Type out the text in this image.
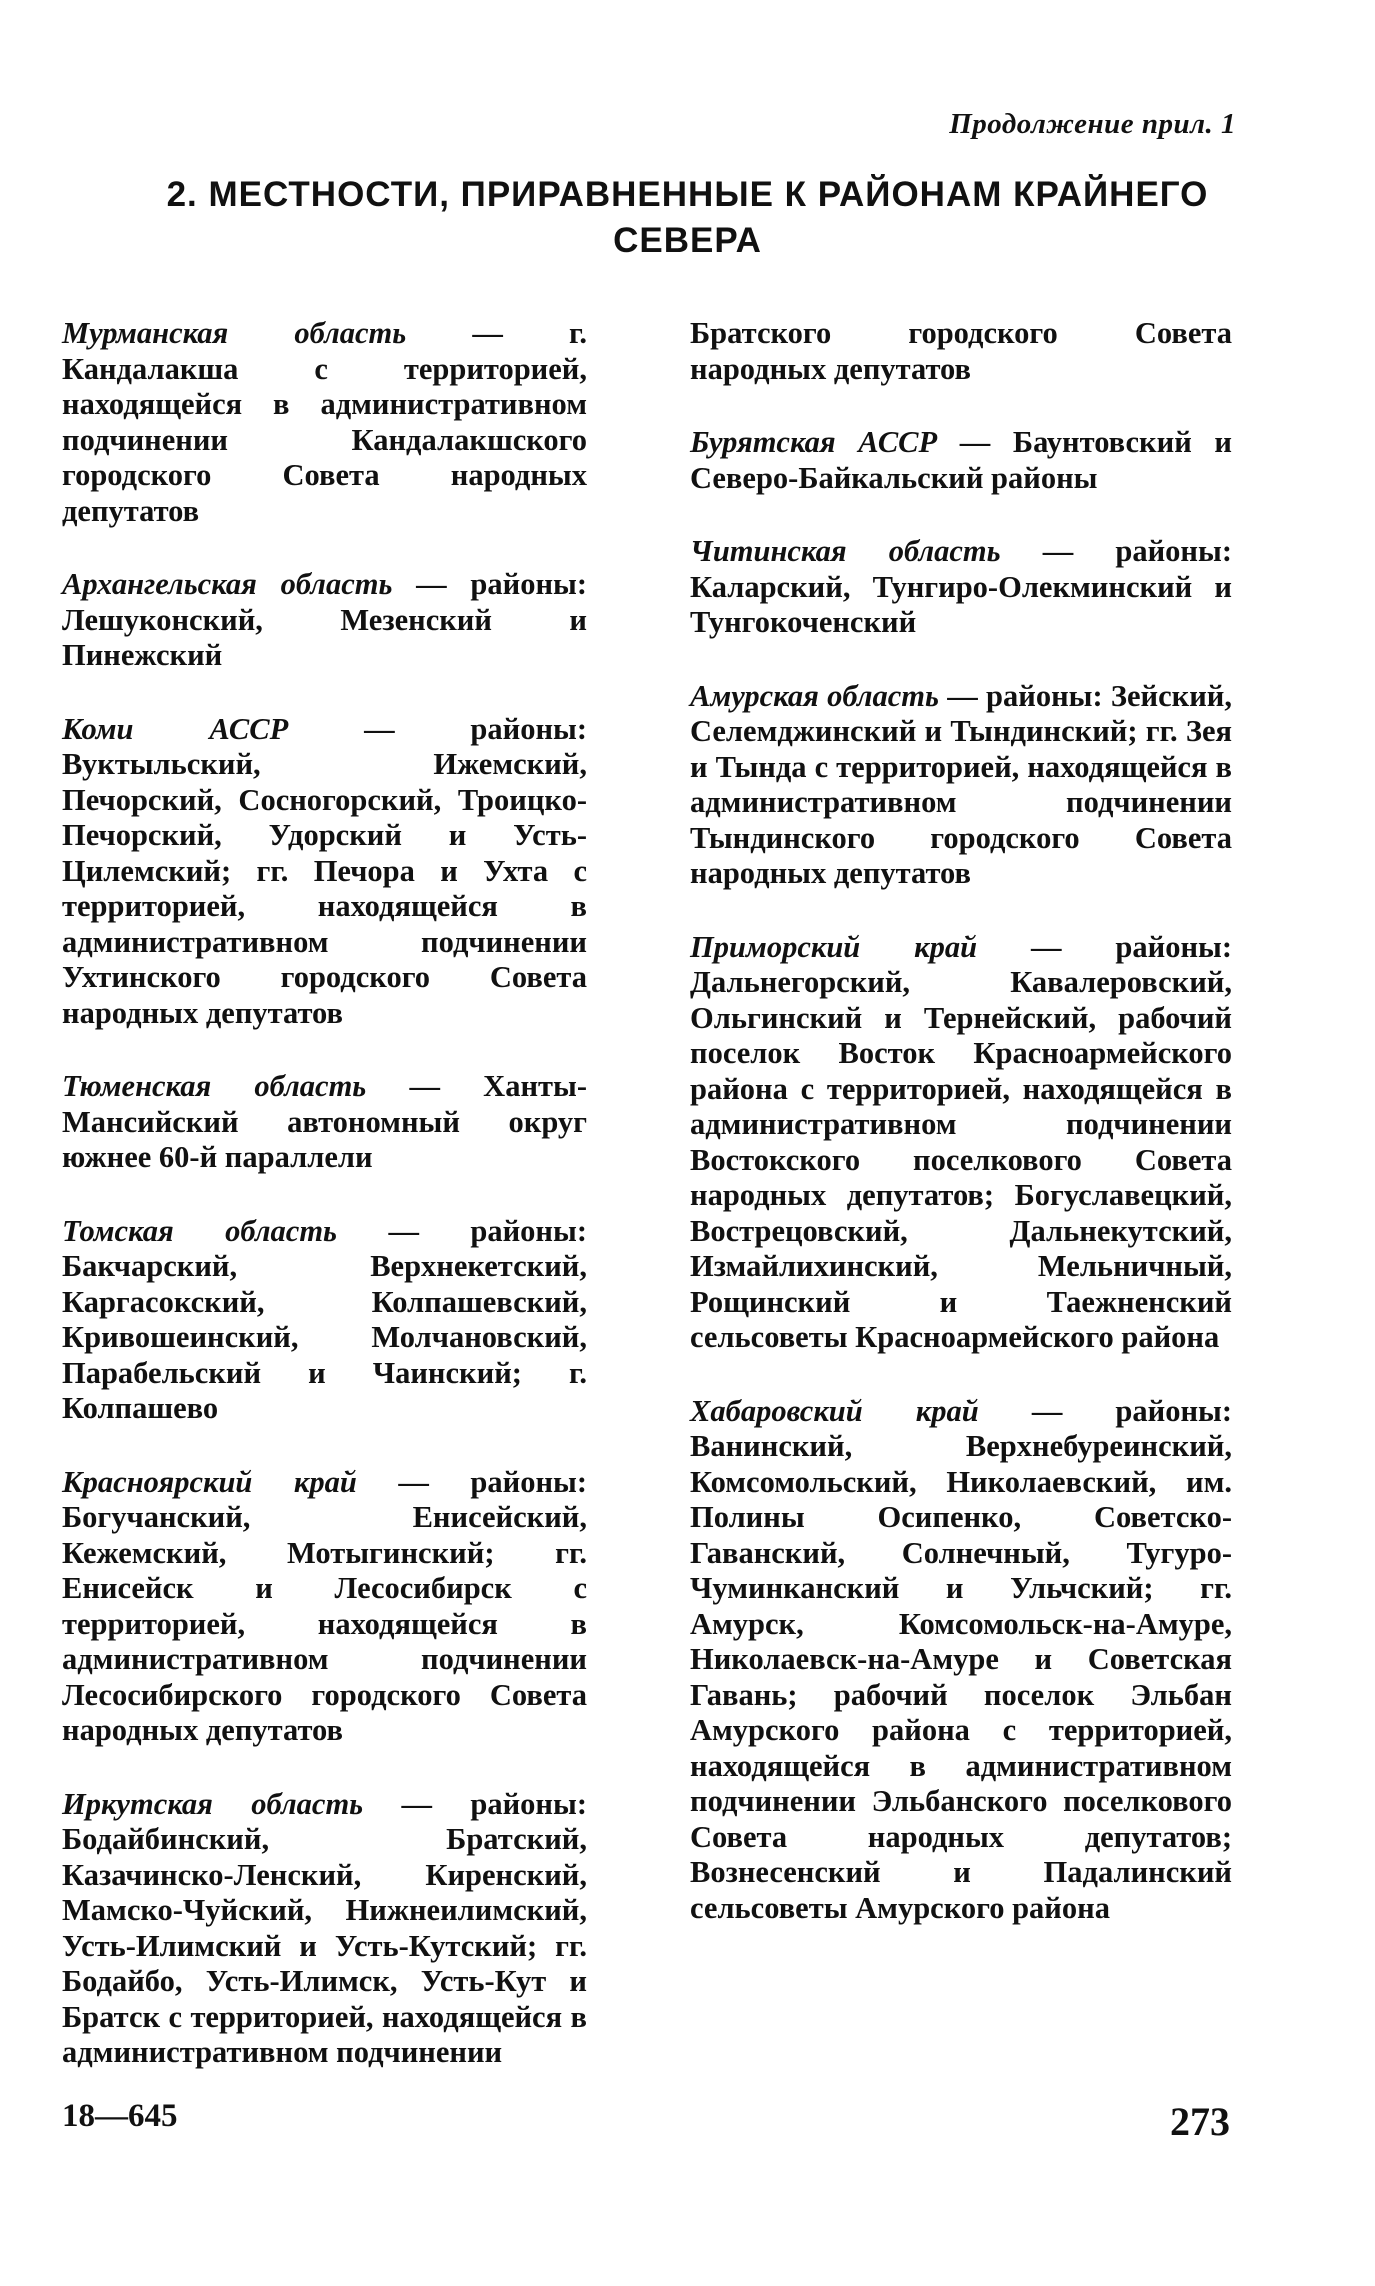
Продолжение прил. 1
2. МЕСТНОСТИ, ПРИРАВНЕННЫЕ К РАЙОНАМ КРАЙНЕГО СЕВЕРА

Мурманская область — г. Кандалакша с территорией, находящейся в административном подчинении Кандалакшского городского Совета народных депутатов

Архангельская область — районы: Лешуконский, Мезенский и Пинежский

Коми АССР — районы: Вуктыльский, Ижемский, Печорский, Сосногорский, Троицко-Печорский, Удорский и Усть-Цилемский; гг. Печора и Ухта с территорией, находящейся в административном подчинении Ухтинского городского Совета народных депутатов

Тюменская область — Ханты-Мансийский автономный округ южнее 60-й параллели

Томская область — районы: Бакчарский, Верхнекетский, Каргасокский, Колпашевский, Кривошеинский, Молчановский, Парабельский и Чаинский; г. Колпашево

Красноярский край — районы: Богучанский, Енисейский, Кежемский, Мотыгинский; гг. Енисейск и Лесосибирск с территорией, находящейся в административном подчинении Лесосибирского городского Совета народных депутатов

Иркутская область — районы: Бодайбинский, Братский, Казачинско-Ленский, Киренский, Мамско-Чуйский, Нижнеилимский, Усть-Илимский и Усть-Кутский; гг. Бодайбо, Усть-Илимск, Усть-Кут и Братск с территорией, находящейся в административном подчинении

Братского городского Совета народных депутатов

Бурятская АССР — Баунтовский и Северо-Байкальский районы

Читинская область — районы: Каларский, Тунгиро-Олекминский и Тунгокоченский

Амурская область — районы: Зейский, Селемджинский и Тындинский; гг. Зея и Тында с территорией, находящейся в административном подчинении Тындинского городского Совета народных депутатов

Приморский край — районы: Дальнегорский, Кавалеровский, Ольгинский и Тернейский, рабочий поселок Восток Красноармейского района с территорией, находящейся в административном подчинении Востокского поселкового Совета народных депутатов; Богуславецкий, Вострецовский, Дальнекутский, Измайлихинский, Мельничный, Рощинский и Таежненский сельсоветы Красноармейского района

Хабаровский край — районы: Ванинский, Верхнебуреинский, Комсомольский, Николаевский, им. Полины Осипенко, Советско-Гаванский, Солнечный, Тугуро-Чуминканский и Ульчский; гг. Амурск, Комсомольск-на-Амуре, Николаевск-на-Амуре и Советская Гавань; рабочий поселок Эльбан Амурского района с территорией, находящейся в административном подчинении Эльбанского поселкового Совета народных депутатов; Вознесенский и Падалинский сельсоветы Амурского района

18—645	273
